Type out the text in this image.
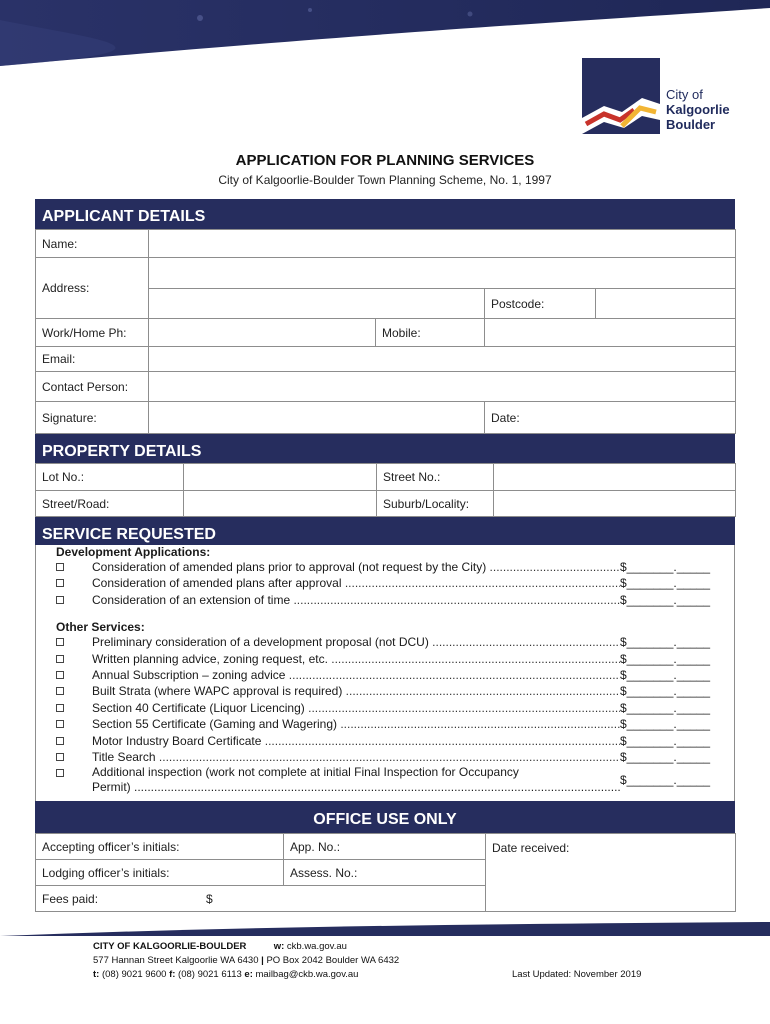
City of
Kalgoorlie
Boulder
APPLICATION FOR PLANNING SERVICES
City of Kalgoorlie-Boulder Town Planning Scheme, No. 1, 1997
APPLICANT DETAILS
Name:				
Address:				
			Postcode:	
Work/Home Ph:		Mobile:		
Email:				
Contact Person:				
Signature:			Date:	
PROPERTY DETAILS
Lot No.:		Street No.:	
Street/Road:		Suburb/Locality:	
SERVICE REQUESTED
Development Applications:
Consideration of amended plans prior to approval (not request by the City) .....	$_______._____
Consideration of amended plans after approval .....	$_______._____
Consideration of an extension of time .....	$_______._____
Other Services:
Preliminary consideration of a development proposal (not DCU) .....	$_______._____
Written planning advice, zoning request, etc. .....	$_______._____
Annual Subscription – zoning advice .....	$_______._____
Built Strata (where WAPC approval is required) .....	$_______._____
Section 40 Certificate (Liquor Licencing) .....	$_______._____
Section 55 Certificate (Gaming and Wagering) .....	$_______._____
Motor Industry Board Certificate .....	$_______._____
Title Search .....	$_______._____
Additional inspection (work not complete at initial Final Inspection for Occupancy
Permit) .....	$_______._____
OFFICE USE ONLY
Accepting officer’s initials:	App. No.:	Date received:
Lodging officer’s initials:	Assess. No.:	
Fees paid: $		
CITY OF KALGOORLIE-BOULDER	w: ckb.wa.gov.au
577 Hannan Street Kalgoorlie WA 6430 | PO Box 2042 Boulder WA 6432
t: (08) 9021 9600 f: (08) 9021 6113 e: mailbag@ckb.wa.gov.au	Last Updated: November 2019
